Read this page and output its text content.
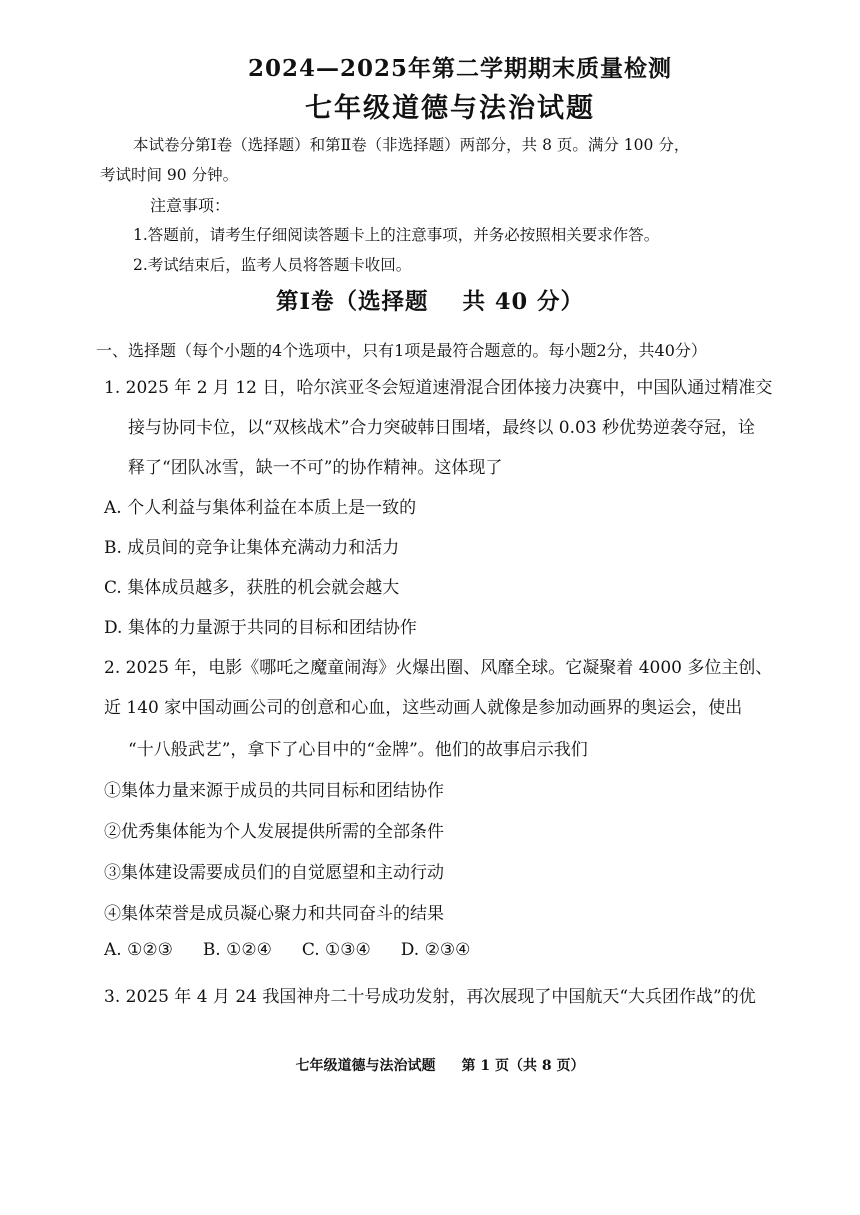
2024—2025年第二学期期末质量检测
七年级道德与法治试题
本试卷分第Ⅰ卷（选择题）和第Ⅱ卷（非选择题）两部分，共 8 页。满分 100 分，
考试时间 90 分钟。
注意事项：
1.答题前，请考生仔细阅读答题卡上的注意事项，并务必按照相关要求作答。
2.考试结束后，监考人员将答题卡收回。
第Ⅰ卷（选择题 共 40 分）
一、选择题（每个小题的4个选项中，只有1项是最符合题意的。每小题2分，共40分）
1. 2025 年 2 月 12 日，哈尔滨亚冬会短道速滑混合团体接力决赛中，中国队通过精准交
接与协同卡位，以“双核战术”合力突破韩日围堵，最终以 0.03 秒优势逆袭夺冠，诠
释了“团队冰雪，缺一不可”的协作精神。这体现了
A. 个人利益与集体利益在本质上是一致的
B. 成员间的竞争让集体充满动力和活力
C. 集体成员越多，获胜的机会就会越大
D. 集体的力量源于共同的目标和团结协作
2. 2025 年，电影《哪吒之魔童闹海》火爆出圈、风靡全球。它凝聚着 4000 多位主创、
近 140 家中国动画公司的创意和心血，这些动画人就像是参加动画界的奥运会，使出
“十八般武艺”，拿下了心目中的“金牌”。他们的故事启示我们
①集体力量来源于成员的共同目标和团结协作
②优秀集体能为个人发展提供所需的全部条件
③集体建设需要成员们的自觉愿望和主动行动
④集体荣誉是成员凝心聚力和共同奋斗的结果
A. ①②③ B. ①②④ C. ①③④ D. ②③④
3. 2025 年 4 月 24 我国神舟二十号成功发射，再次展现了中国航天“大兵团作战”的优
七年级道德与法治试题 第 1 页（共 8 页）
